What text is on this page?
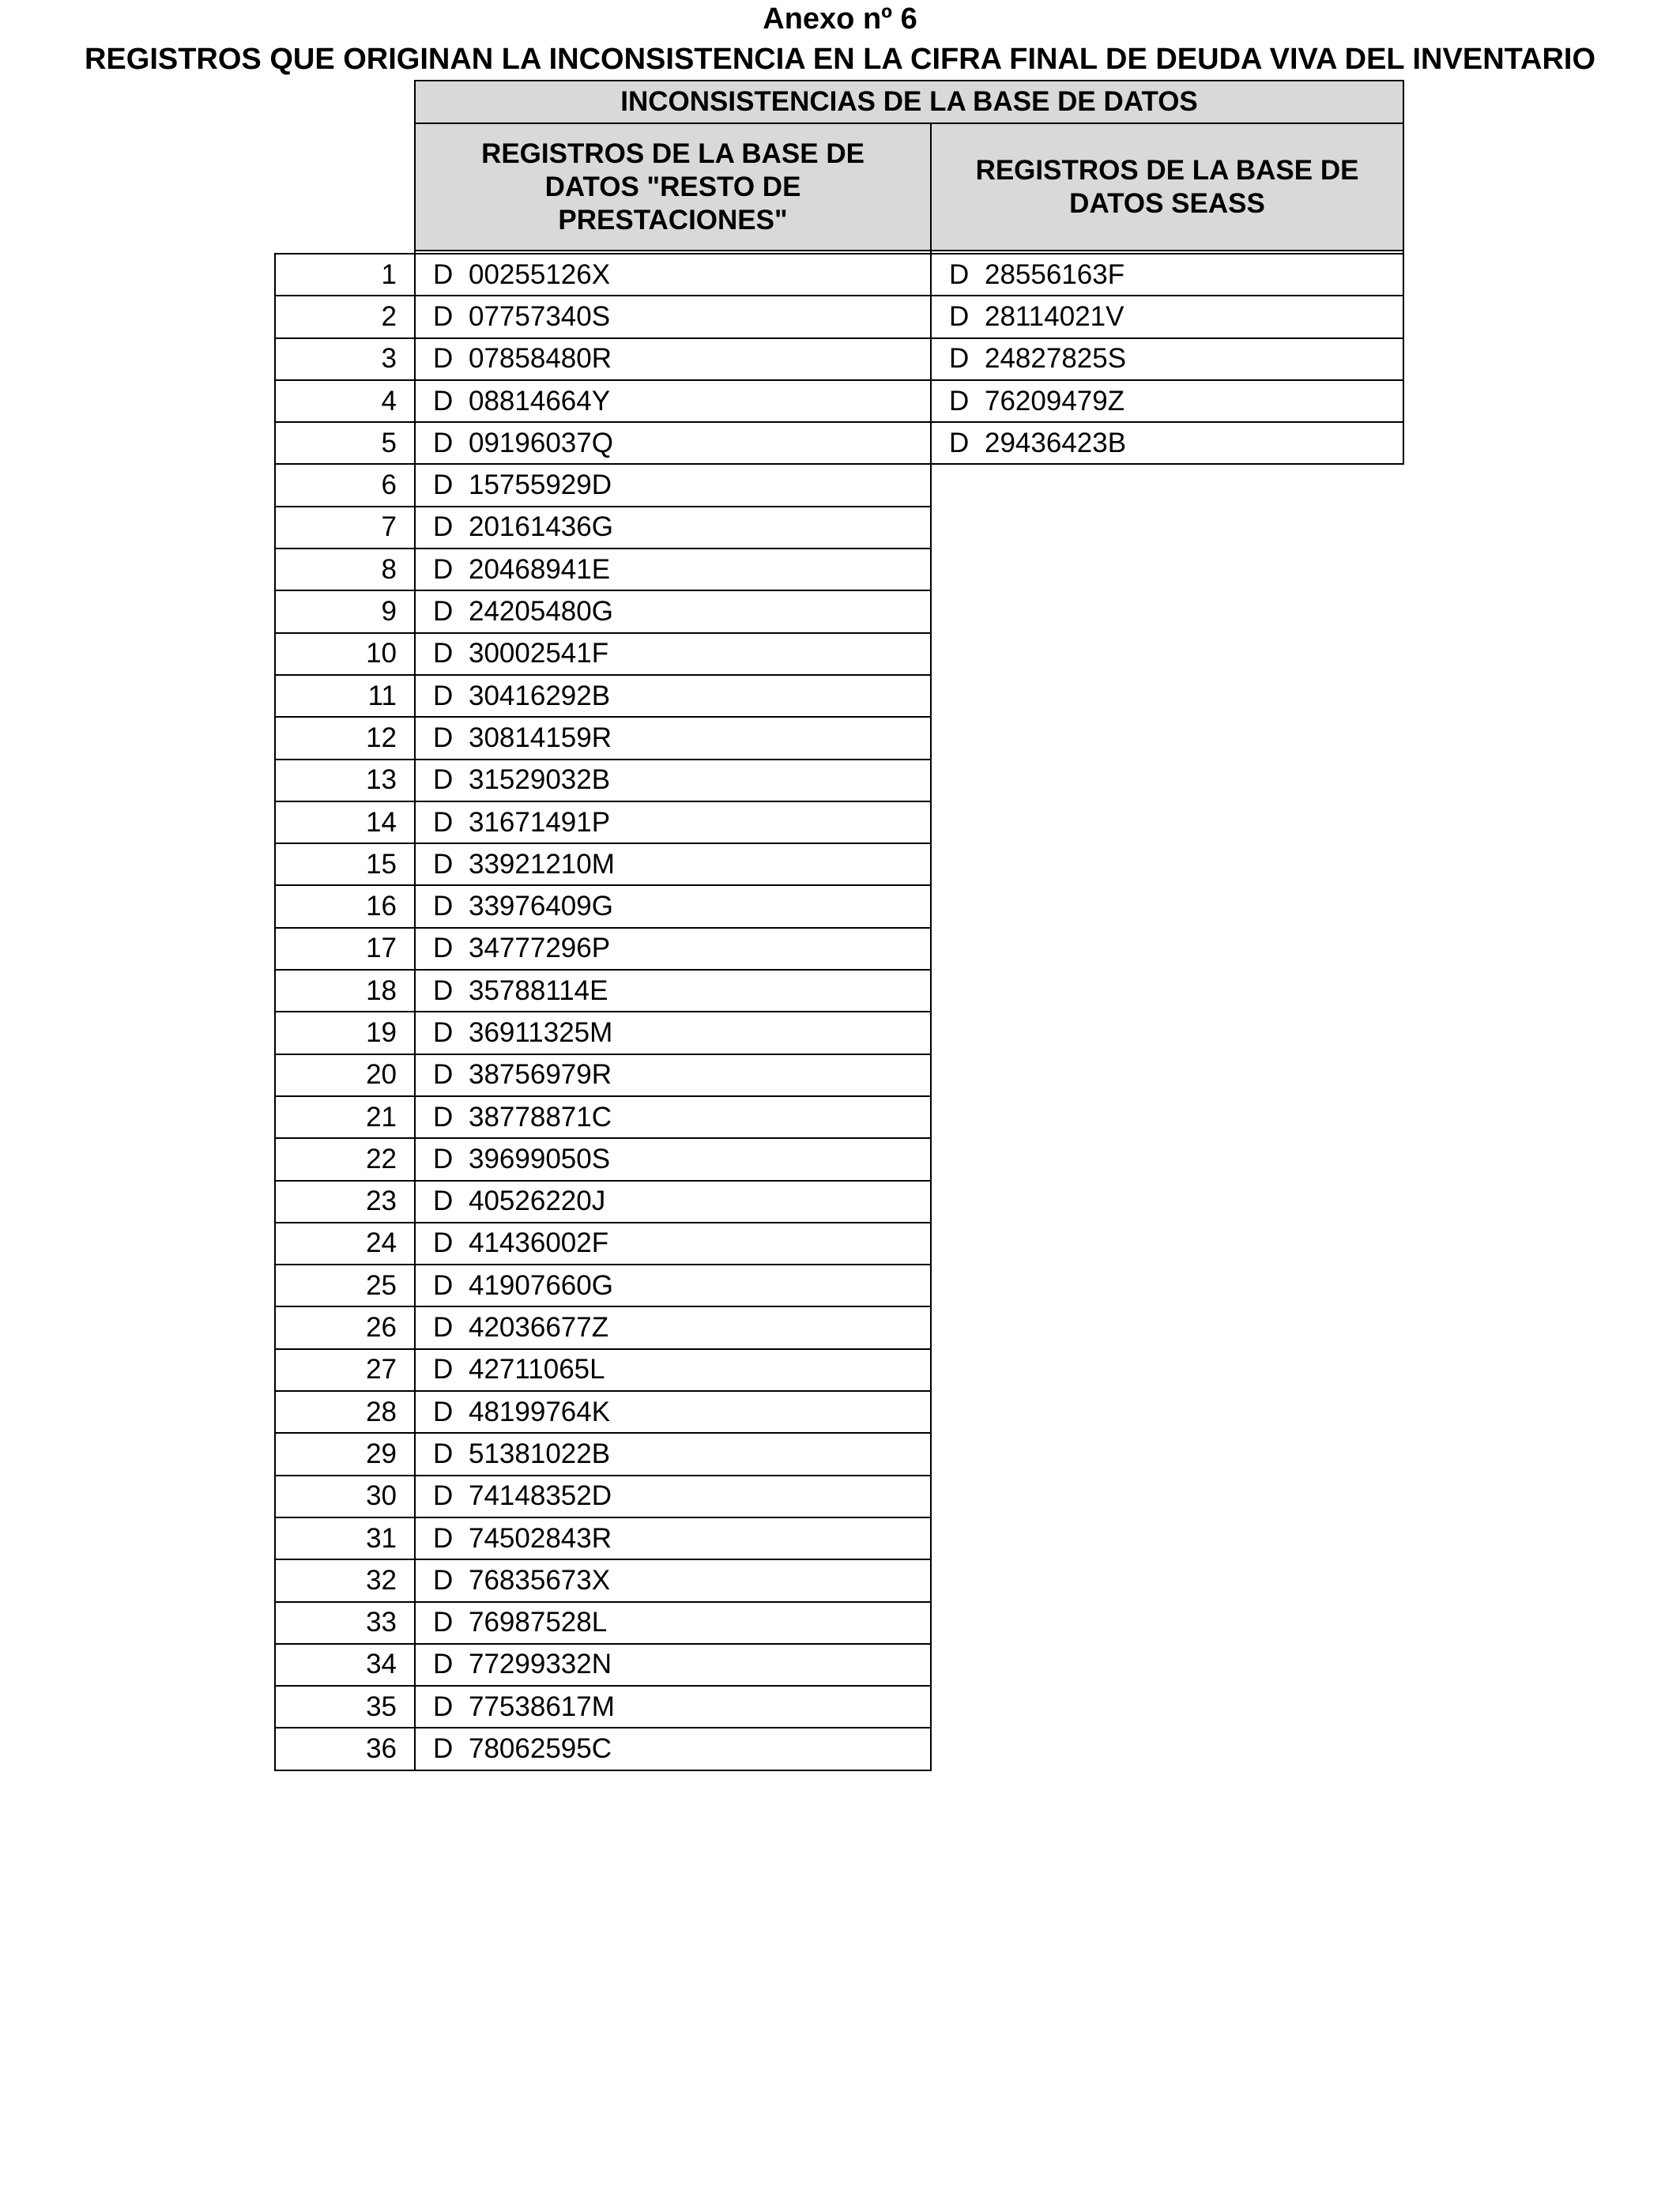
Anexo nº 6
REGISTROS QUE ORIGINAN LA INCONSISTENCIA EN LA CIFRA FINAL DE DEUDA VIVA DEL INVENTARIO
	INCONSISTENCIAS DE LA BASE DE DATOS	
	REGISTROS DE LA BASE DE DATOS "RESTO DE PRESTACIONES"	REGISTROS DE LA BASE DE DATOS SEASS

1	D 00255126X	D 28556163F
2	D 07757340S	D 28114021V
3	D 07858480R	D 24827825S
4	D 08814664Y	D 76209479Z
5	D 09196037Q	D 29436423B
6	D 15755929D	
7	D 20161436G	
8	D 20468941E	
9	D 24205480G	
10	D 30002541F	
11	D 30416292B	
12	D 30814159R	
13	D 31529032B	
14	D 31671491P	
15	D 33921210M	
16	D 33976409G	
17	D 34777296P	
18	D 35788114E	
19	D 36911325M	
20	D 38756979R	
21	D 38778871C	
22	D 39699050S	
23	D 40526220J	
24	D 41436002F	
25	D 41907660G	
26	D 42036677Z	
27	D 42711065L	
28	D 48199764K	
29	D 51381022B	
30	D 74148352D	
31	D 74502843R	
32	D 76835673X	
33	D 76987528L	
34	D 77299332N	
35	D 77538617M	
36	D 78062595C	
